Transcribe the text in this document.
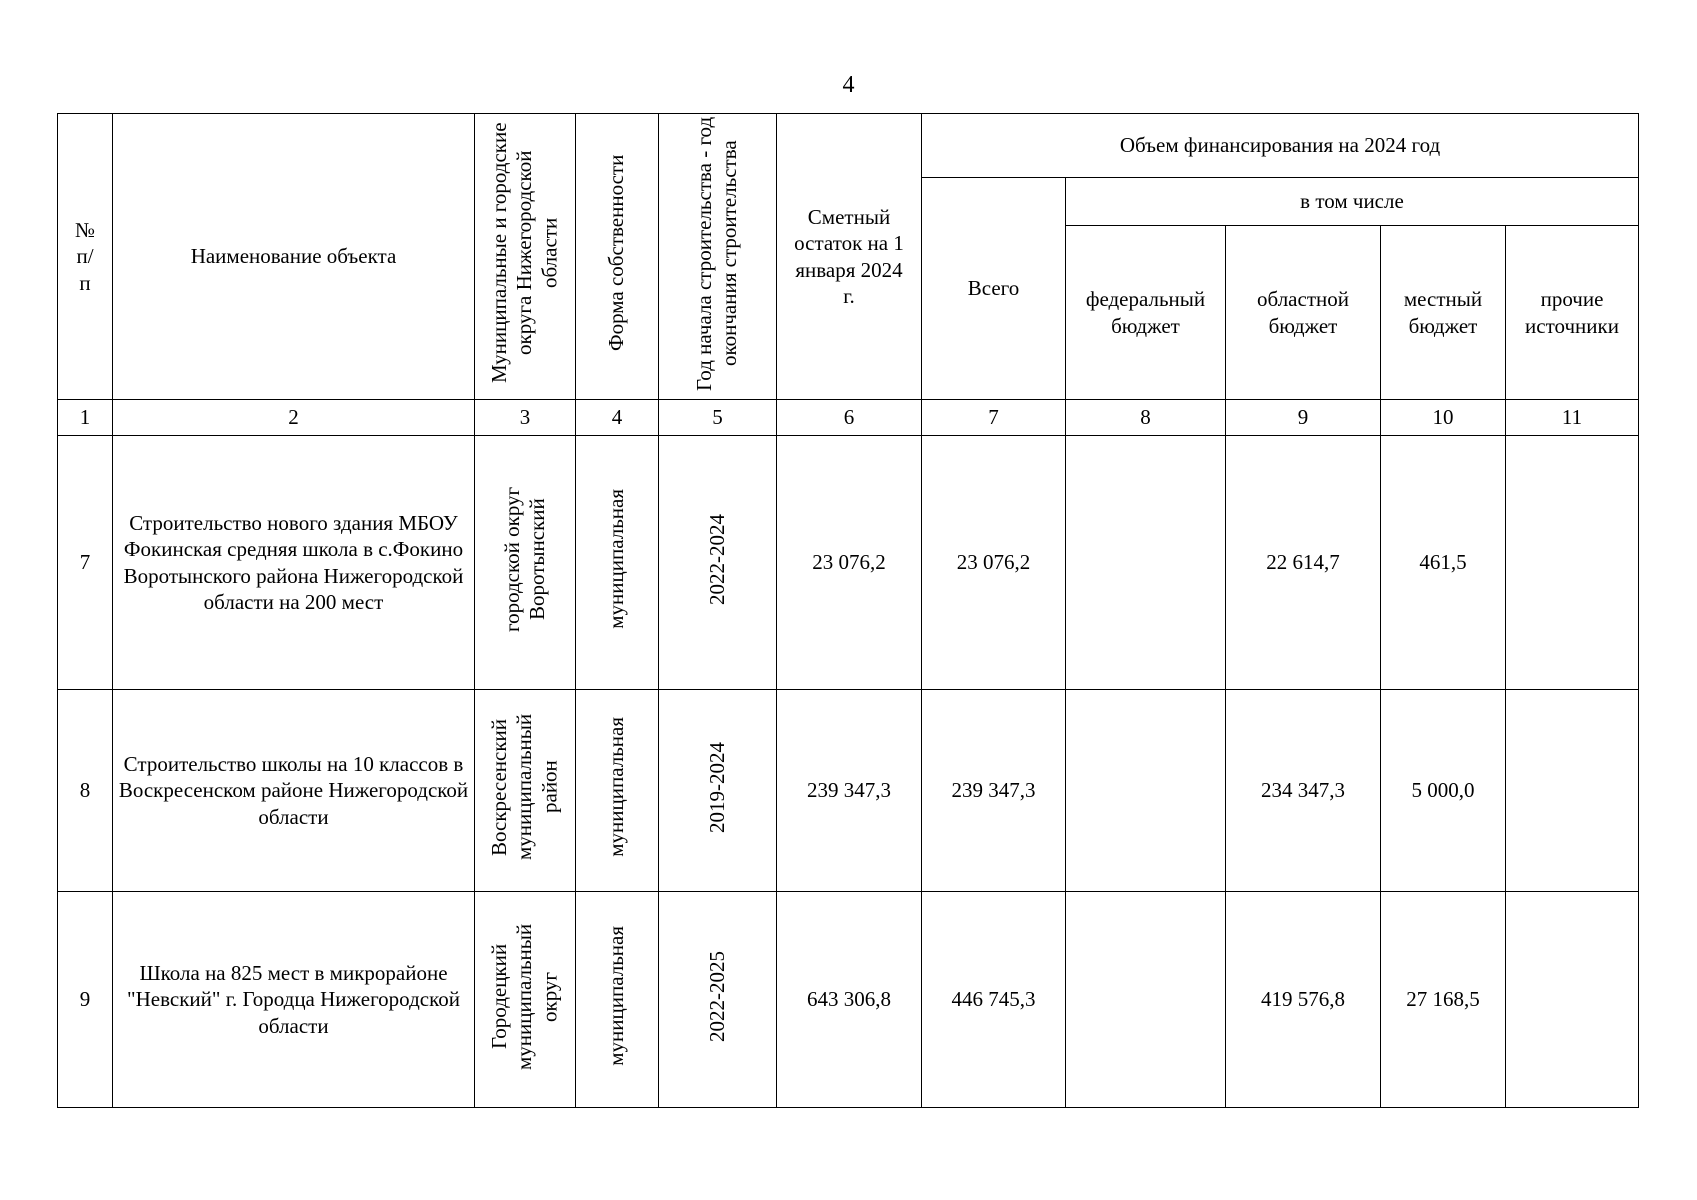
4
№ п/п	Наименование объекта	Муниципальные и городские округа Нижегородской области	Форма собственности	Год начала строительства - год окончания строительства	Сметный остаток на 1 января 2024 г.	Объем финансирования на 2024 год				
						Всего	в том числе			
							федеральный бюджет	областной бюджет	местный бюджет	прочие источники
1	2	3	4	5	6	7	8	9	10	11
7	Строительство нового здания МБОУ Фокинская средняя школа в с.Фокино Воротынского района Нижегородской области на 200 мест	городской округ Воротынский	муниципальная	2022-2024	23 076,2	23 076,2		22 614,7	461,5	
8	Строительство школы на 10 классов в Воскресенском районе Нижегородской области	Воскресенский муниципальный район	муниципальная	2019-2024	239 347,3	239 347,3		234 347,3	5 000,0	
9	Школа на 825 мест в микрорайоне "Невский" г. Городца Нижегородской области	Городецкий муниципальный округ	муниципальная	2022-2025	643 306,8	446 745,3		419 576,8	27 168,5	
